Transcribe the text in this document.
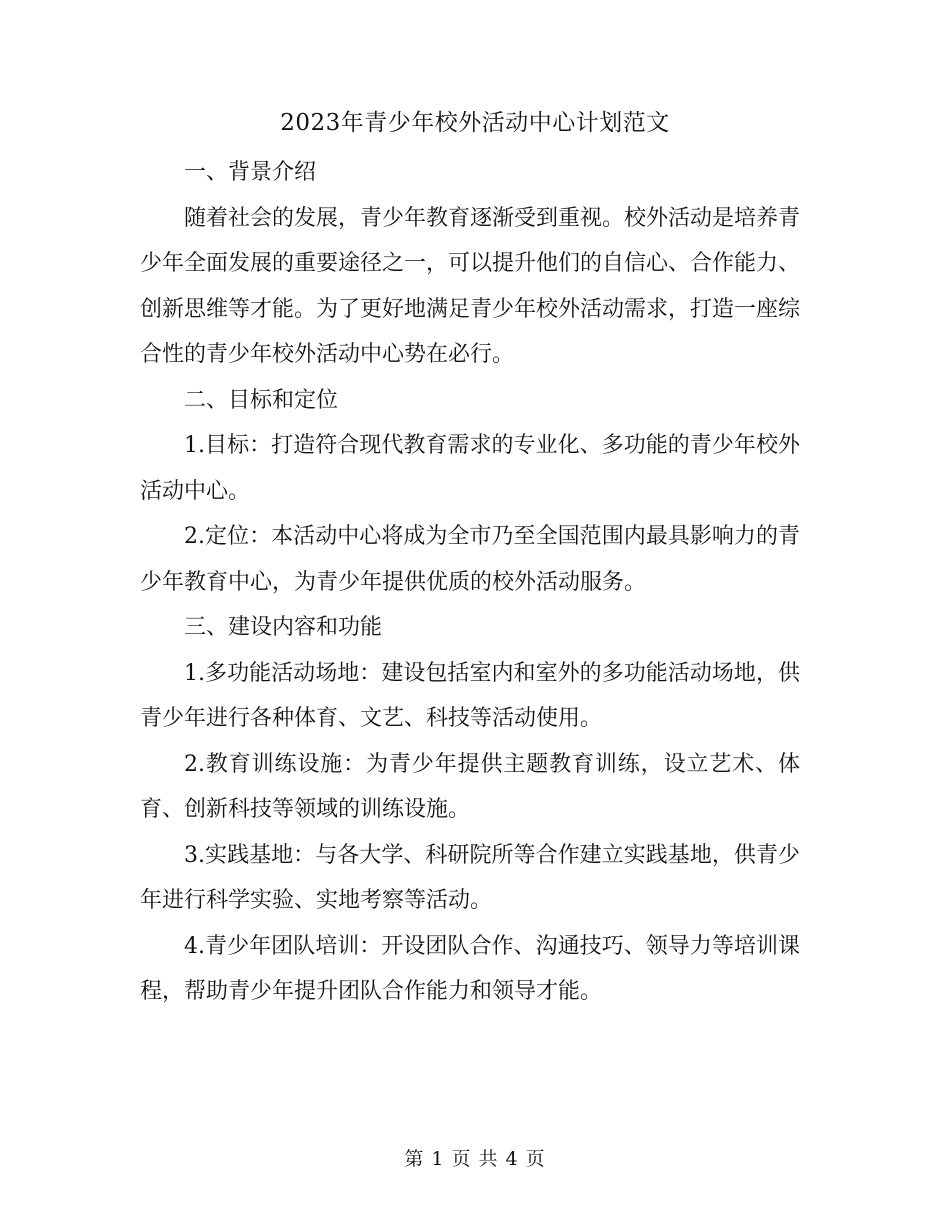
2023年青少年校外活动中心计划范文

一、背景介绍

随着社会的发展，青少年教育逐渐受到重视。校外活动是培养青少年全面发展的重要途径之一，可以提升他们的自信心、合作能力、创新思维等才能。为了更好地满足青少年校外活动需求，打造一座综合性的青少年校外活动中心势在必行。

二、目标和定位

1.目标：打造符合现代教育需求的专业化、多功能的青少年校外活动中心。

2.定位：本活动中心将成为全市乃至全国范围内最具影响力的青少年教育中心，为青少年提供优质的校外活动服务。

三、建设内容和功能

1.多功能活动场地：建设包括室内和室外的多功能活动场地，供青少年进行各种体育、文艺、科技等活动使用。

2.教育训练设施：为青少年提供主题教育训练，设立艺术、体育、创新科技等领域的训练设施。

3.实践基地：与各大学、科研院所等合作建立实践基地，供青少年进行科学实验、实地考察等活动。

4.青少年团队培训：开设团队合作、沟通技巧、领导力等培训课程，帮助青少年提升团队合作能力和领导才能。

第 1 页 共 4 页
